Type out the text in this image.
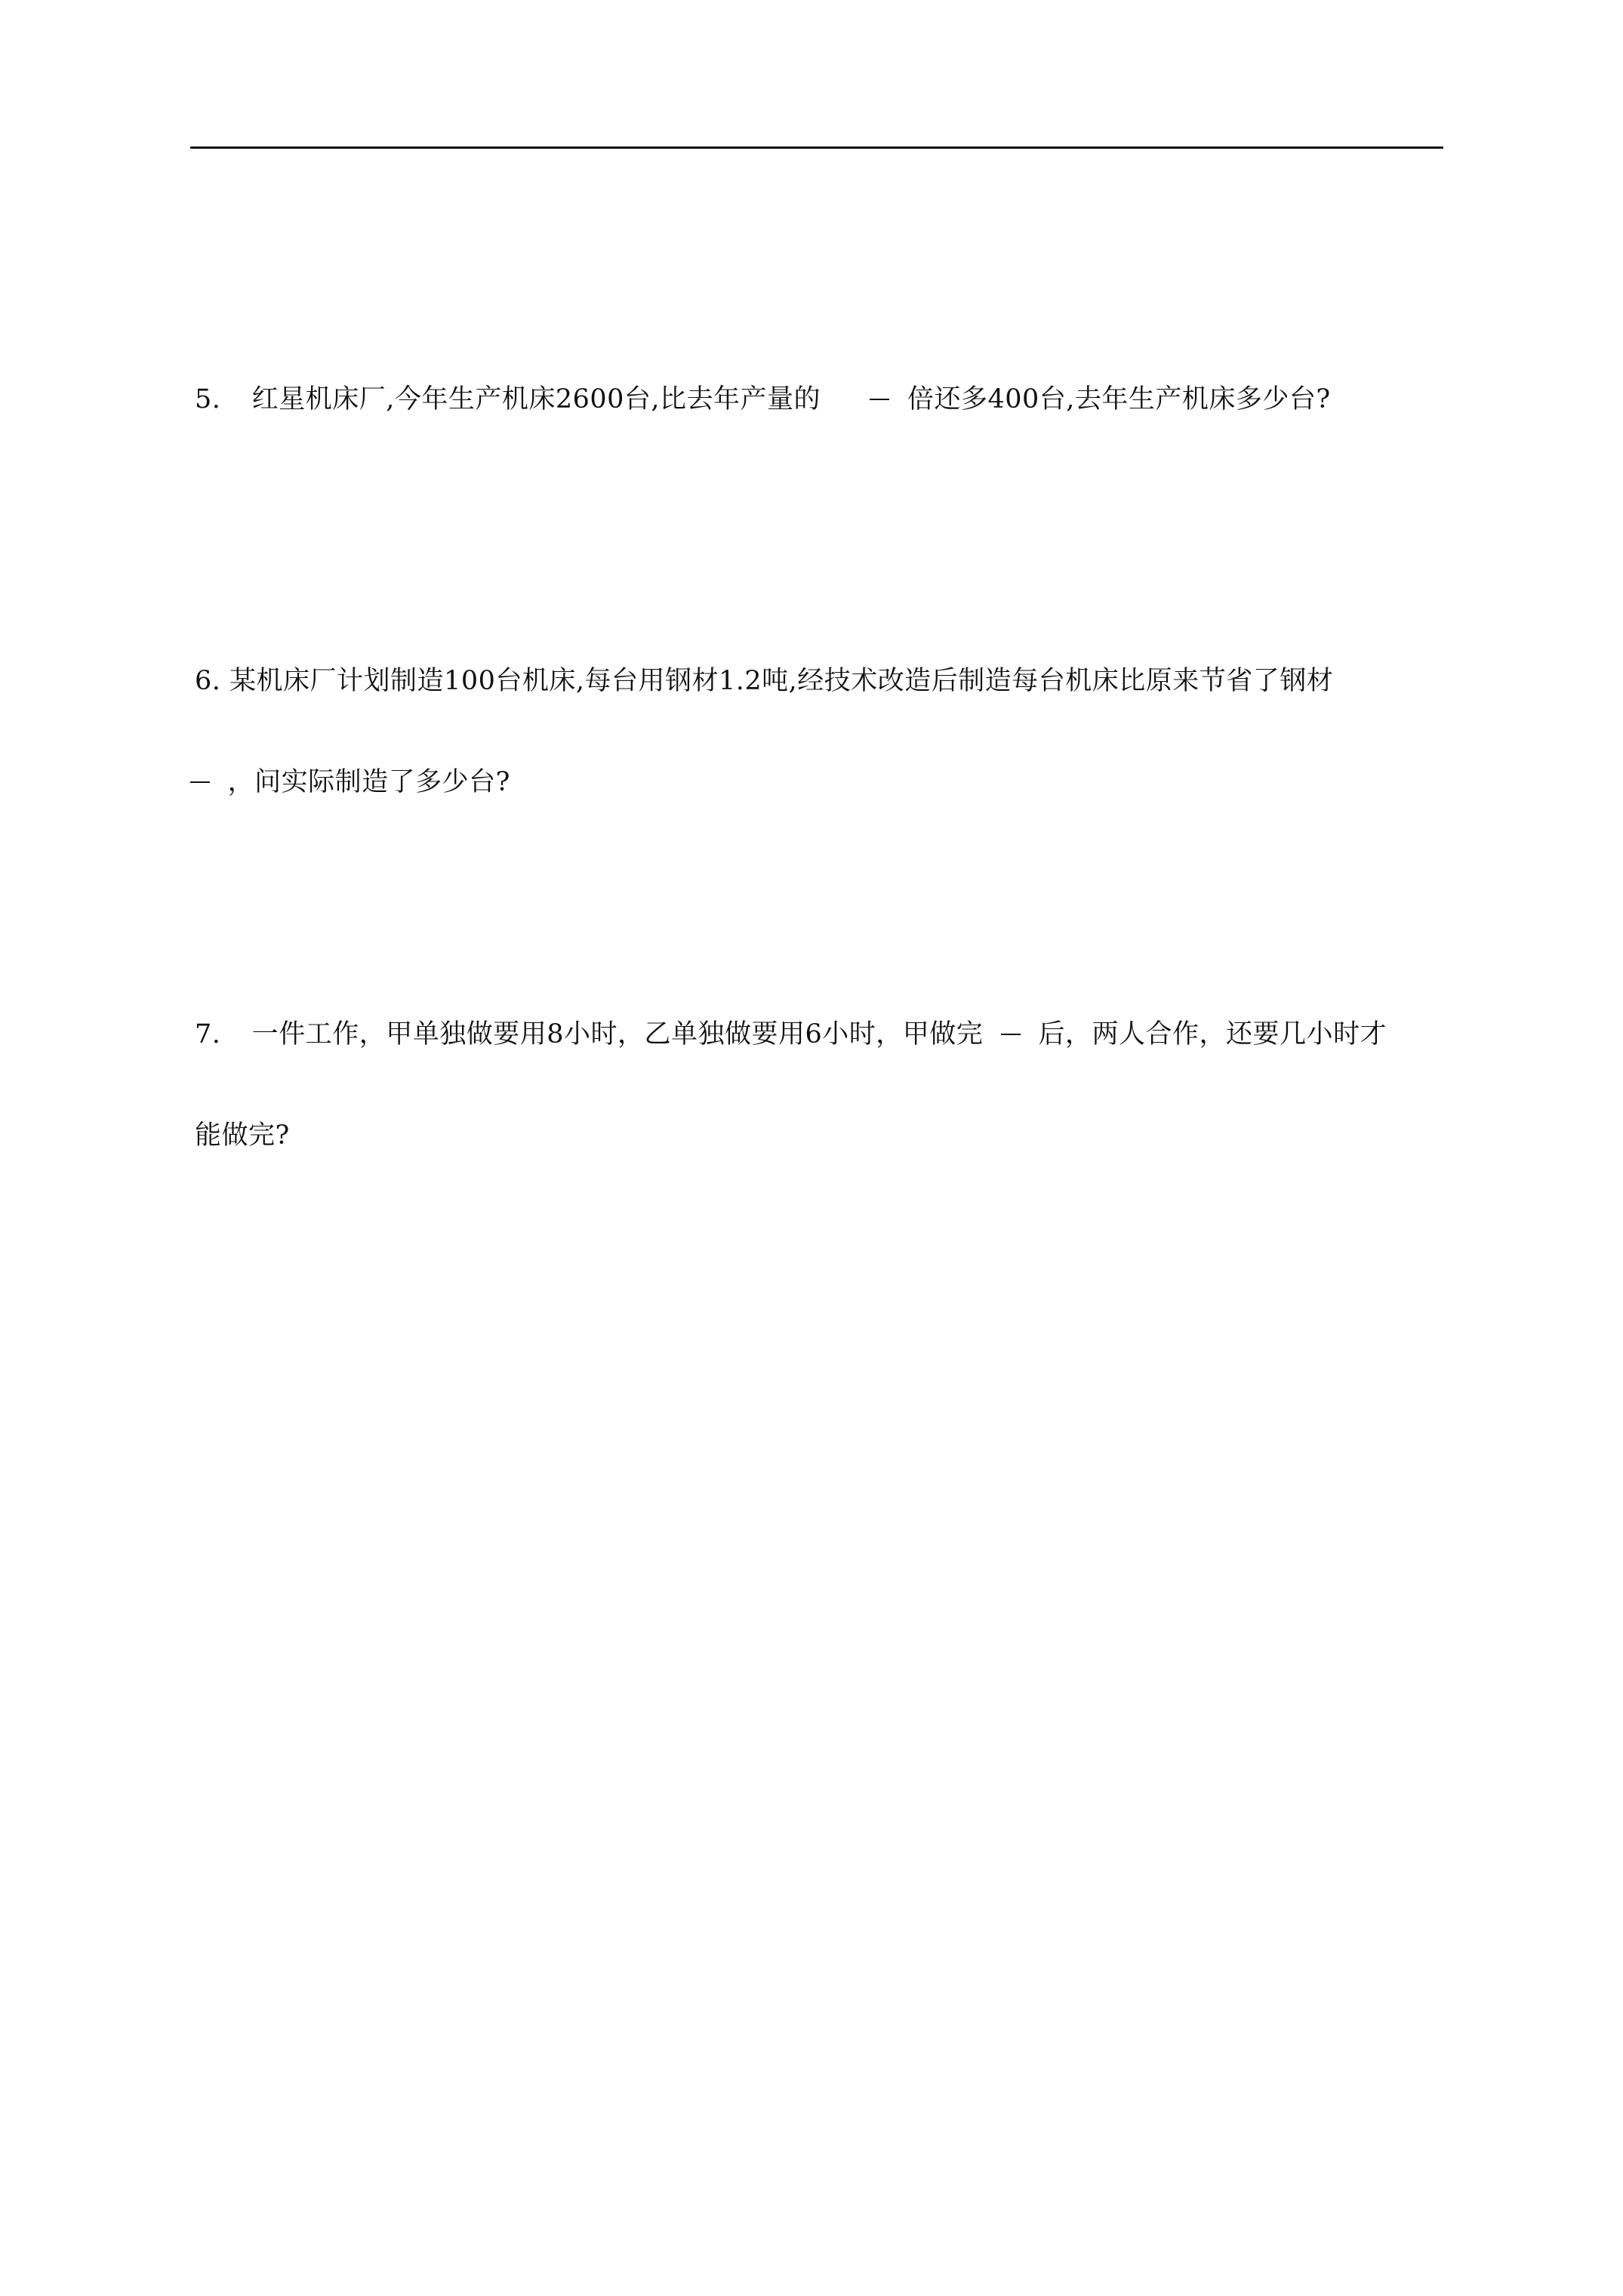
5. 红星机床厂,今年生产机床2600台,比去年产量的	倍还多400台,去年生产机床多少台?
6. 某机床厂计划制造100台机床,每台用钢材1.2吨,经技术改造后制造每台机床比原来节省了钢材
，问实际制造了多少台?
7. 一件工作，甲单独做要用8小时，乙单独做要用6小时，甲做完 后，两人合作，还要几小时才
能做完?
